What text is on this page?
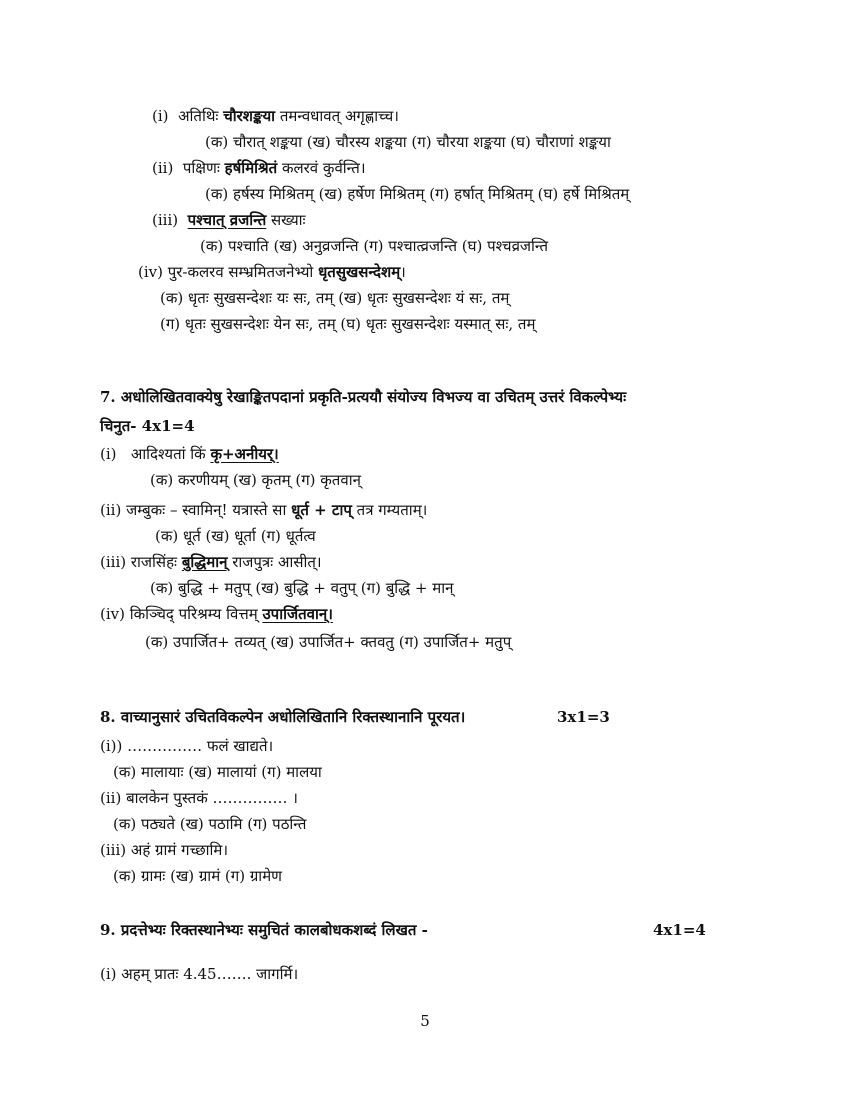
(i) अतिथिः चौरशङ्कया तमन्वधावत् अगृह्णाच्च।
(क) चौरात् शङ्कया (ख) चौरस्य शङ्कया (ग) चौरया शङ्कया (घ) चौराणां शङ्कया
(ii) पक्षिणः हर्षमिश्रितं कलरवं कुर्वन्ति।
(क) हर्षस्य मिश्रितम् (ख) हर्षेण मिश्रितम् (ग) हर्षात् मिश्रितम् (घ) हर्षे मिश्रितम्
(iii) पश्चात् व्रजन्ति सख्याः
(क) पश्चाति (ख) अनुव्रजन्ति (ग) पश्चात्व्रजन्ति (घ) पश्चव्रजन्ति
(iv) पुर-कलरव सम्भ्रमितजनेभ्यो धृतसुखसन्देशम्।
(क) धृतः सुखसन्देशः यः सः, तम् (ख) धृतः सुखसन्देशः यं सः, तम्
(ग) धृतः सुखसन्देशः येन सः, तम् (घ) धृतः सुखसन्देशः यस्मात् सः, तम्
7. अधोलिखितवाक्येषु रेखाङ्कितपदानां प्रकृति-प्रत्ययौ संयोज्य विभज्य वा उचितम् उत्तरं विकल्पेभ्यः
चिनुत- 4x1=4
(i)   आदिश्यतां किं कृ+अनीयर्।
(क) करणीयम् (ख) कृतम् (ग) कृतवान्
(ii) जम्बुकः – स्वामिन्! यत्रास्ते सा धूर्त + टाप् तत्र गम्यताम्।
(क) धूर्त (ख) धूर्ता (ग) धूर्तत्व
(iii) राजसिंहः बुद्धिमान् राजपुत्रः आसीत्।
(क) बुद्धि + मतुप् (ख) बुद्धि + वतुप् (ग) बुद्धि + मान्
(iv) किञ्चिद् परिश्रम्य वित्तम् उपार्जितवान्।
(क) उपार्जित+ तव्यत् (ख) उपार्जित+ क्तवतु (ग) उपार्जित+ मतुप्
8. वाच्यानुसारं उचितविकल्पेन अधोलिखितानि रिक्तस्थानानि पूरयत।	3x1=3
(i)) …………… फलं खाद्यते।
(क) मालायाः (ख) मालायां (ग) मालया
(ii) बालकेन पुस्तकं …………… ।
(क) पठ्यते (ख) पठामि (ग) पठन्ति
(iii) अहं ग्रामं गच्छामि।
(क) ग्रामः (ख) ग्रामं (ग) ग्रामेण
9. प्रदत्तेभ्यः रिक्तस्थानेभ्यः समुचितं कालबोधकशब्दं लिखत -	4x1=4
(i) अहम् प्रातः 4.45……. जागर्मि।
5
